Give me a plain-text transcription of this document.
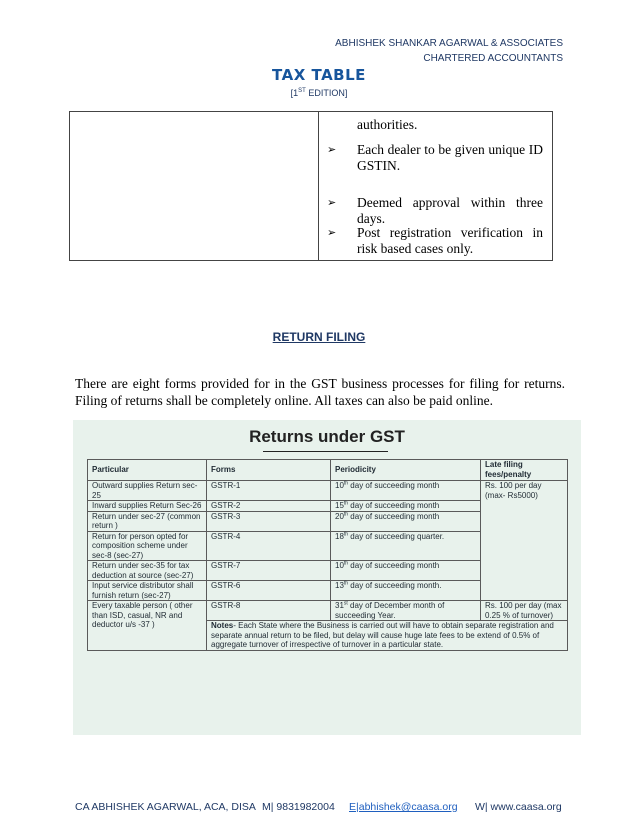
ABHISHEK SHANKAR AGARWAL & ASSOCIATES
CHARTERED ACCOUNTANTS
TAX TABLE
[1ST EDITION]
authorities.
➢ Each dealer to be given unique ID GSTIN.
➢ Deemed approval within three days.
➢ Post registration verification in risk based cases only.
RETURN FILING
There are eight forms provided for in the GST business processes for filing for returns. Filing of returns shall be completely online. All taxes can also be paid online.
Returns under GST
Particular	Forms	Periodicity	Late filing fees/penalty
Outward supplies Return sec-25	GSTR-1	10th day of succeeding month	Rs. 100 per day (max- Rs5000)
Inward supplies Return Sec-26	GSTR-2	15th day of succeeding month	
Return under sec-27 (common return )	GSTR-3	20th day of succeeding month	
Return for person opted for composition scheme under sec-8 (sec-27)	GSTR-4	18th day of succeeding quarter.	
Return under sec-35 for tax deduction at source (sec-27)	GSTR-7	10th day of succeeding month	
Input service distributor shall furnish return (sec-27)	GSTR-6	13th day of succeeding month.	
Every taxable person ( other than ISD, casual, NR and deductor u/s -37 )	GSTR-8	31st day of December month of succeeding Year.	Rs. 100 per day (max 0.25 % of turnover)
	Notes- Each State where the Business is carried out will have to obtain separate registration and separate annual return to be filed, but delay will cause huge late fees to be extend of 0.5% of aggregate turnover of irrespective of turnover in a particular state.		
CA ABHISHEK AGARWAL, ACA, DISA M| 9831982004 E|abhishek@caasa.org W| www.caasa.org
